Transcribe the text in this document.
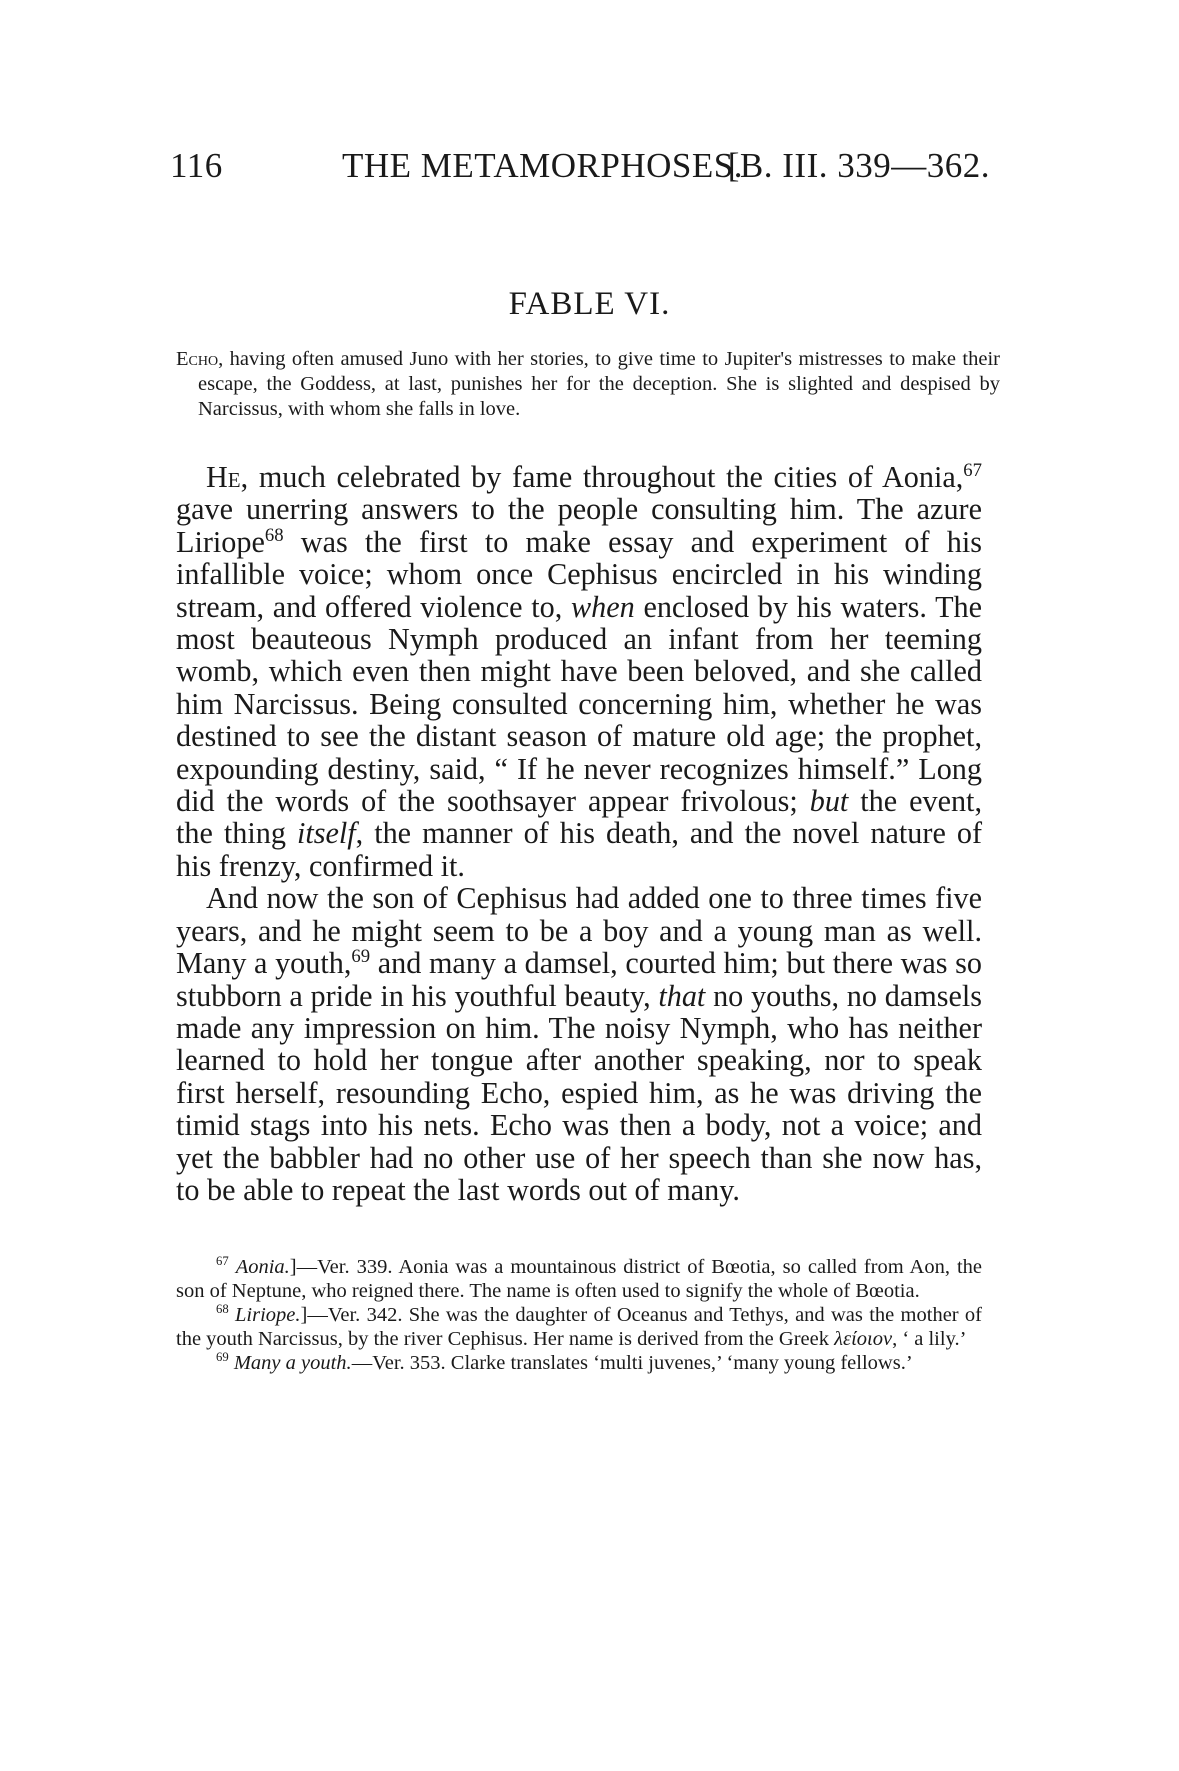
116	THE METAMORPHOSES.
[B. III. 339—362.
FABLE VI.
Echo, having often amused Juno with her stories, to give time to Jupiter's mistresses to make their escape, the Goddess, at last, punishes her for the deception. She is slighted and despised by Narcissus, with whom she falls in love.

He, much celebrated by fame throughout the cities of Aonia,$^{67}$ gave unerring answers to the people consulting him. The azure Liriope$^{68}$ was the first to make essay and experiment of his infallible voice; whom once Cephisus encircled in his winding stream, and offered violence to, when enclosed by his waters. The most beauteous Nymph produced an infant from her teeming womb, which even then might have been beloved, and she called him Narcissus. Being consulted concerning him, whether he was destined to see the distant season of mature old age; the prophet, expounding destiny, said, “ If he never recognizes himself.” Long did the words of the soothsayer appear frivolous; but the event, the thing itself, the manner of his death, and the novel nature of his frenzy, confirmed it.

And now the son of Cephisus had added one to three times five years, and he might seem to be a boy and a young man as well. Many a youth,$^{69}$ and many a damsel, courted him; but there was so stubborn a pride in his youthful beauty, that no youths, no damsels made any impression on him. The noisy Nymph, who has neither learned to hold her tongue after another speaking, nor to speak first herself, resounding Echo, espied him, as he was driving the timid stags into his nets. Echo was then a body, not a voice; and yet the babbler had no other use of her speech than she now has, to be able to repeat the last words out of many.

$^{67}$ Aonia.]—Ver. 339. Aonia was a mountainous district of Bœotia, so called from Aon, the son of Neptune, who reigned there. The name is often used to signify the whole of Bœotia.

$^{68}$ Liriope.]—Ver. 342. She was the daughter of Oceanus and Tethys, and was the mother of the youth Narcissus, by the river Cephisus. Her name is derived from the Greek λείοιον, ‘ a lily.’

$^{69}$ Many a youth.—Ver. 353. Clarke translates ‘multi juvenes,’ ‘many young fellows.’
